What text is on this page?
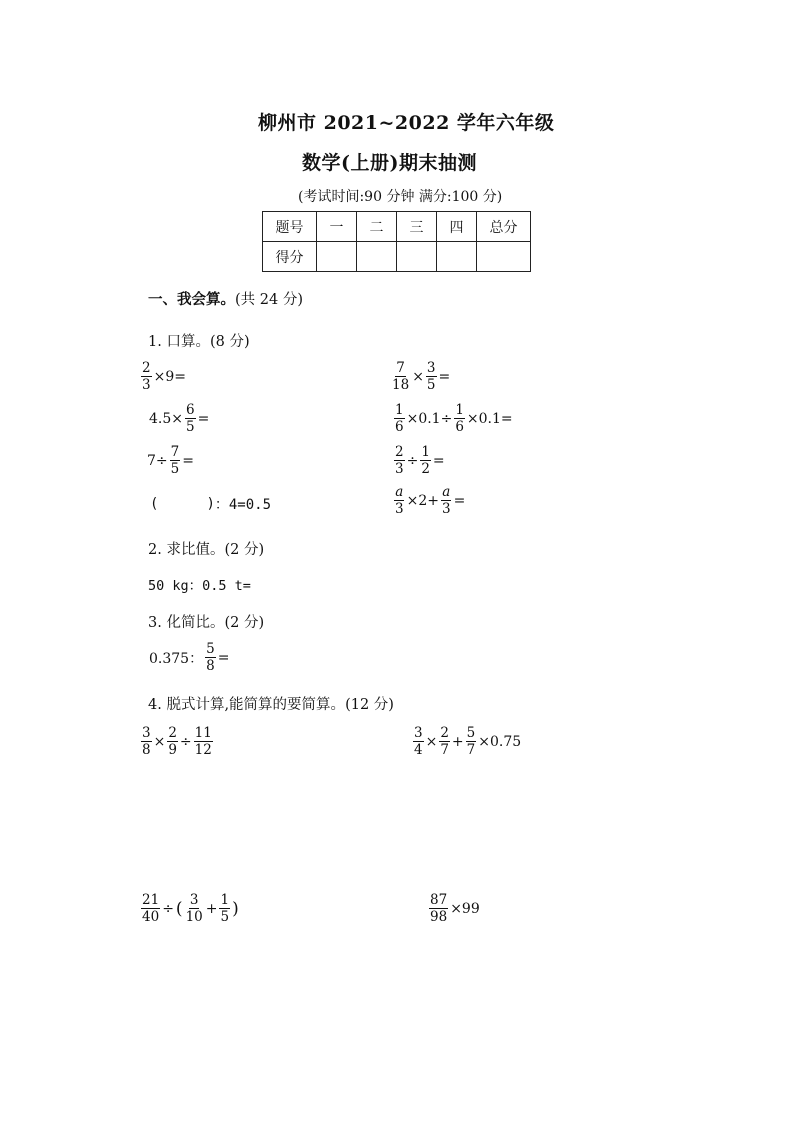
柳州市 2021~2022 学年六年级
数学(上册)期末抽测
(考试时间:90 分钟 满分:100 分)
题号	一	二	三	四	总分
得分					
一、我会算。(共 24 分)
1. 口算。(8 分)
$\frac{2}{3} \times 9=$	$\frac{7}{18} \times \frac{3}{5}$ =
$4.5\times \frac{6}{5}$ =	$\frac{1}{6} \times 0.1\div \frac{1}{6} \times 0.1=$
$7\div \frac{7}{5}$ =	$\frac{2}{3} \div \frac{1}{2}$ =
(	) ：4=0.5	$\frac{a}{3} \times 2+ \frac{a}{3}$ =
2. 求比值。(2 分)
50 kg：0.5 t=
3. 化简比。(2 分)
0.375： $\frac{5}{8}$ =
4. 脱式计算,能简算的要简算。(12 分)
$\frac{3}{8} \times \frac{2}{9} \div \frac{11}{12}$	$\frac{3}{4} \times \frac{2}{7} + \frac{5}{7} \times 0.75$
$\frac{21}{40}$ ÷ ( $\frac{3}{10} + \frac{1}{5}$ )	$\frac{87}{98} \times 99$
